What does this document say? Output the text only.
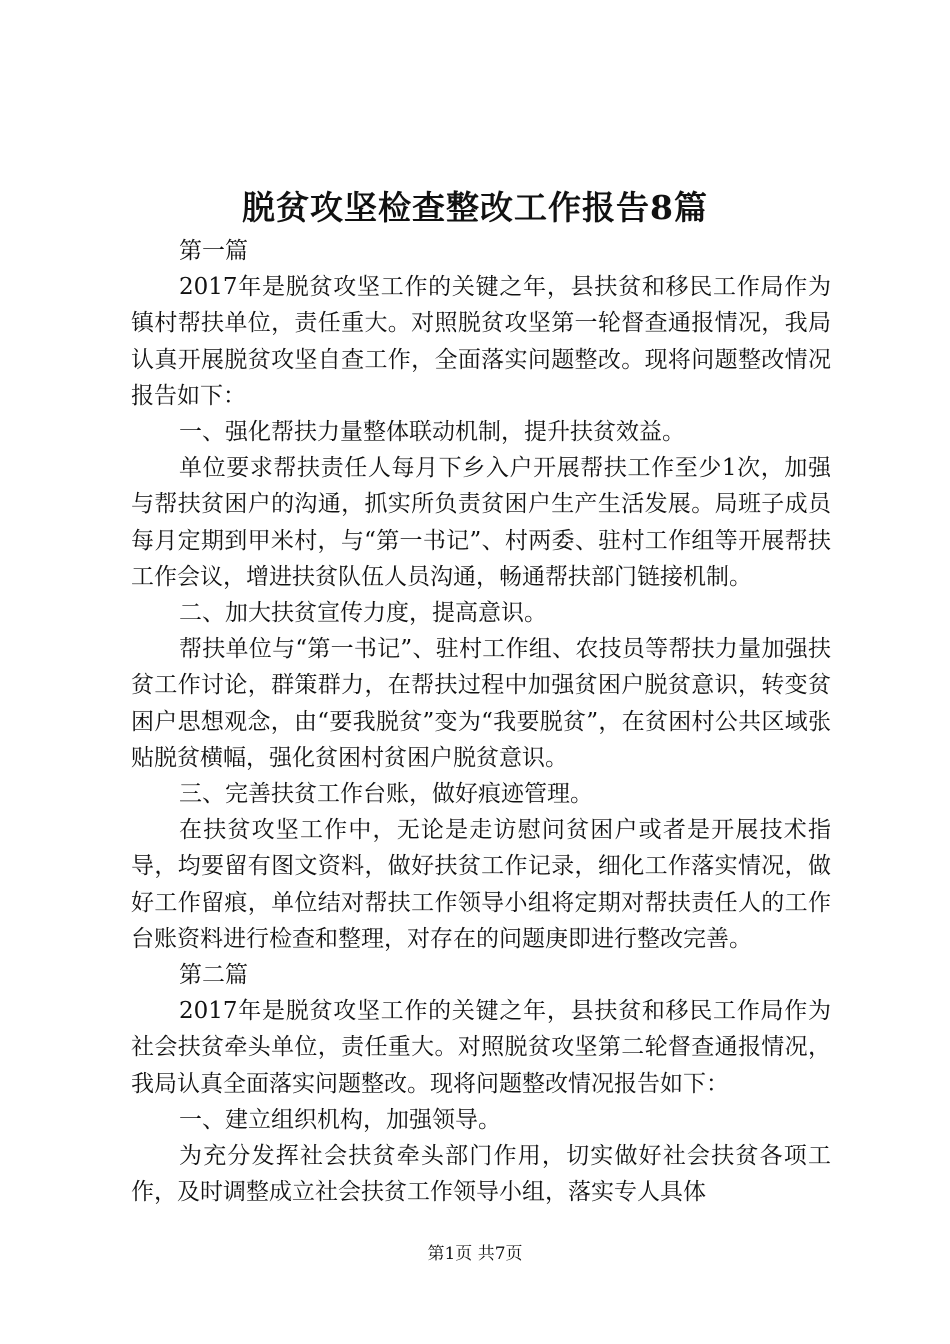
脱贫攻坚检查整改工作报告8篇

第一篇

2017年是脱贫攻坚工作的关键之年，县扶贫和移民工作局作为镇村帮扶单位，责任重大。对照脱贫攻坚第一轮督查通报情况，我局认真开展脱贫攻坚自查工作，全面落实问题整改。现将问题整改情况报告如下：

一、强化帮扶力量整体联动机制，提升扶贫效益。

单位要求帮扶责任人每月下乡入户开展帮扶工作至少1次，加强与帮扶贫困户的沟通，抓实所负责贫困户生产生活发展。局班子成员每月定期到甲米村，与“第一书记”、村两委、驻村工作组等开展帮扶工作会议，增进扶贫队伍人员沟通，畅通帮扶部门链接机制。

二、加大扶贫宣传力度，提高意识。

帮扶单位与“第一书记”、驻村工作组、农技员等帮扶力量加强扶贫工作讨论，群策群力，在帮扶过程中加强贫困户脱贫意识，转变贫困户思想观念，由“要我脱贫”变为“我要脱贫”，在贫困村公共区域张贴脱贫横幅，强化贫困村贫困户脱贫意识。

三、完善扶贫工作台账，做好痕迹管理。

在扶贫攻坚工作中，无论是走访慰问贫困户或者是开展技术指导，均要留有图文资料，做好扶贫工作记录，细化工作落实情况，做好工作留痕，单位结对帮扶工作领导小组将定期对帮扶责任人的工作台账资料进行检查和整理，对存在的问题庚即进行整改完善。

第二篇

2017年是脱贫攻坚工作的关键之年，县扶贫和移民工作局作为社会扶贫牵头单位，责任重大。对照脱贫攻坚第二轮督查通报情况，我局认真全面落实问题整改。现将问题整改情况报告如下：

一、建立组织机构，加强领导。

为充分发挥社会扶贫牵头部门作用，切实做好社会扶贫各项工作，及时调整成立社会扶贫工作领导小组，落实专人具体

第1页 共7页
